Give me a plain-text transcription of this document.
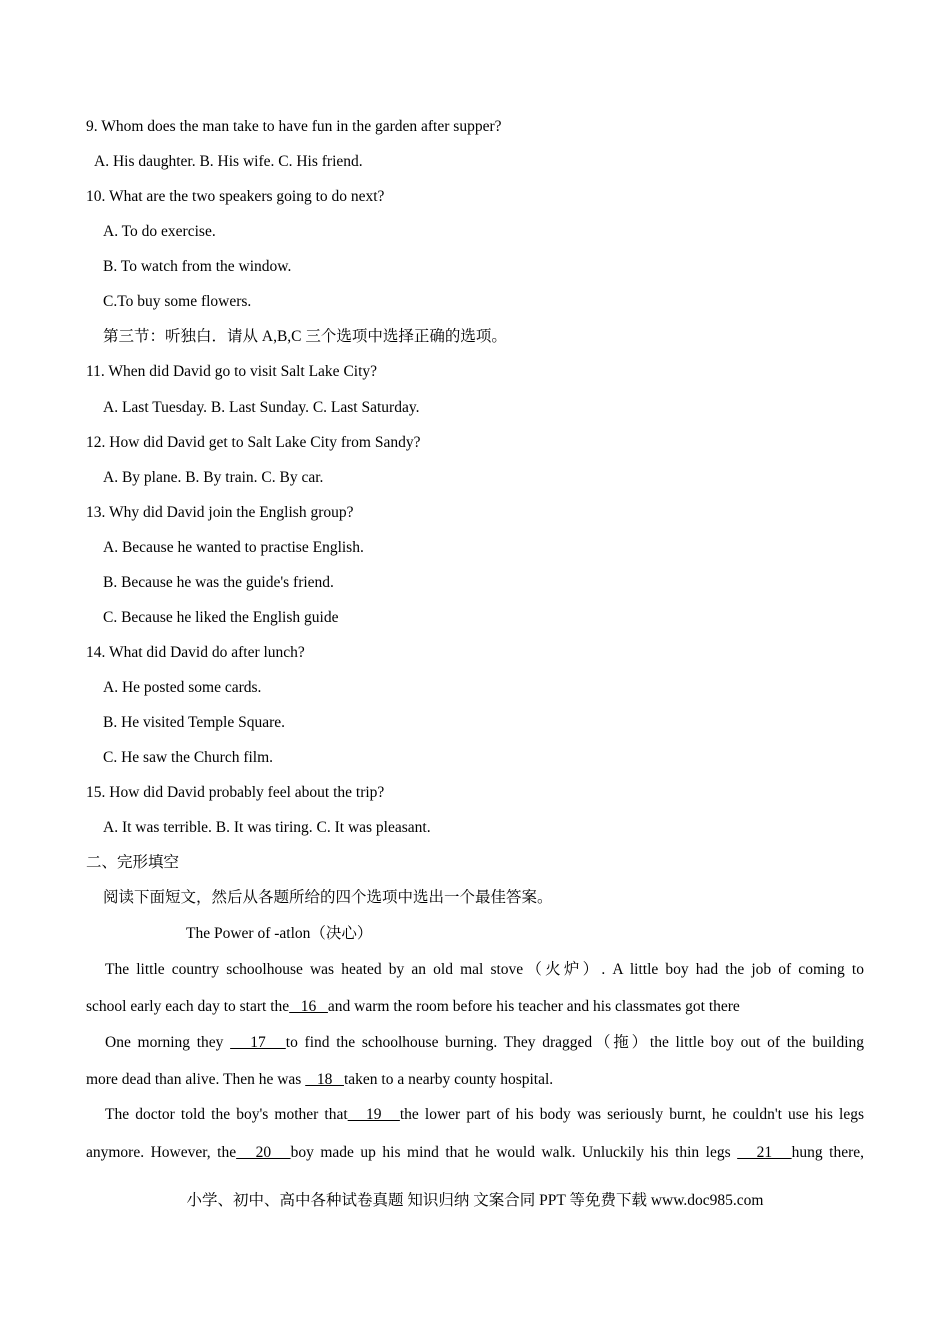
9. Whom does the man take to have fun in the garden after supper?
A. His daughter. B. His wife. C. His friend.
10. What are the two speakers going to do next?
A. To do exercise.
B. To watch from the window.
C.To buy some flowers.
第三节：听独白．请从 A,B,C 三个选项中选择正确的选项。
11. When did David go to visit Salt Lake City?
A. Last Tuesday. B. Last Sunday. C. Last Saturday.
12. How did David get to Salt Lake City from Sandy?
A. By plane. B. By train. C. By car.
13. Why did David join the English group?
A. Because he wanted to practise English.
B. Because he was the guide's friend.
C. Because he liked the English guide
14. What did David do after lunch?
A. He posted some cards.
B. He visited Temple Square.
C. He saw the Church film.
15. How did David probably feel about the trip?
A. It was terrible. B. It was tiring. C. It was pleasant.
二、完形填空
阅读下面短文，然后从各题所给的四个选项中选出一个最佳答案。
The Power of -atlon（决心）
The little country schoolhouse was heated by an old mal stove（火炉）. A little boy had the job of coming to
school early each day to start the   16   and warm the room before his teacher and his classmates got there
One morning they    17   to find the schoolhouse burning. They dragged（拖）the little boy out of the building
more dead than alive. Then he was    18   taken to a nearby county hospital.
The doctor told the boy's mother that   19   the lower part of his body was seriously burnt, he couldn't use his legs
anymore. However, the   20   boy made up his mind that he would walk. Unluckily his thin legs    21   hung there,
小学、初中、高中各种试卷真题 知识归纳 文案合同 PPT 等免费下载 www.doc985.com
